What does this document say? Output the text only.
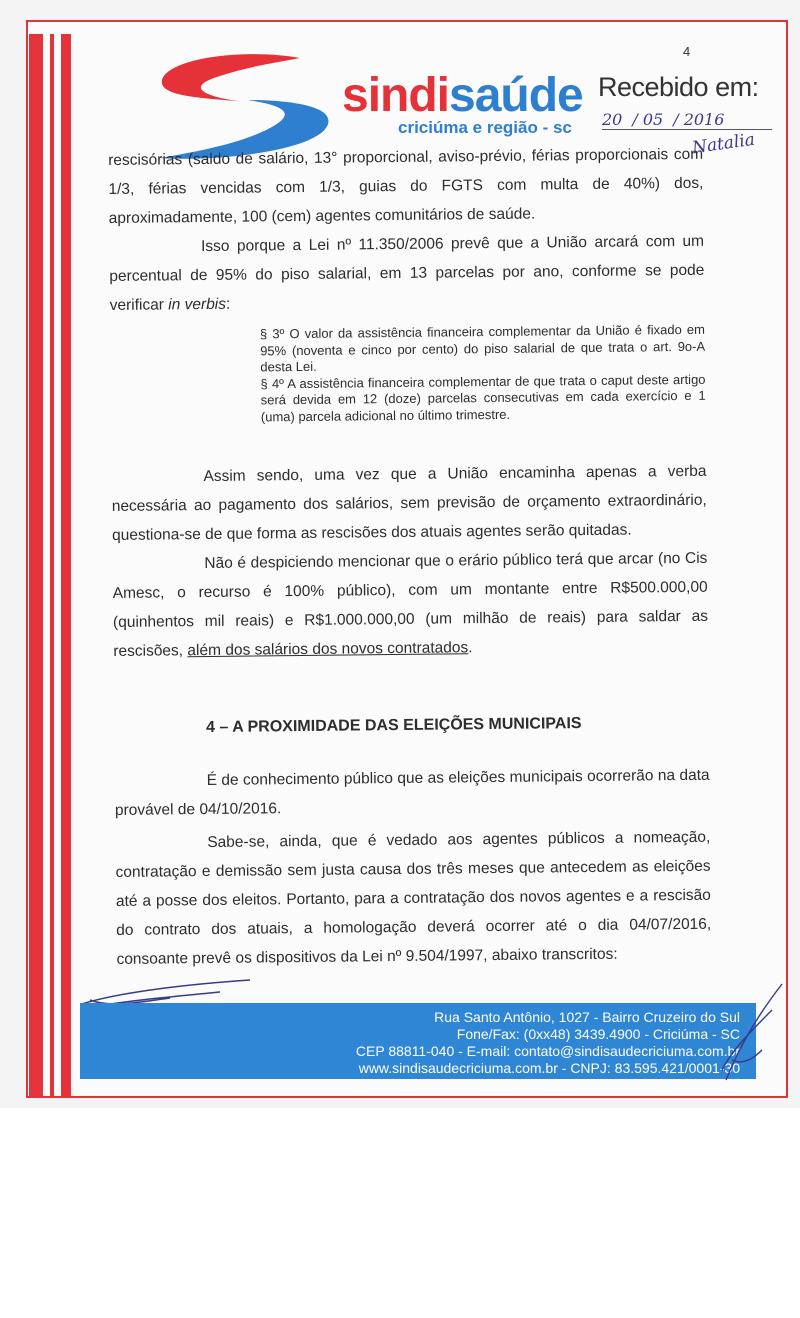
4
sindisaúde
criciúma e região - sc
Recebido em:
20 / 05 / 2016
Natalia

rescisórias (saldo de salário, 13° proporcional, aviso-prévio, férias proporcionais com 1/3, férias vencidas com 1/3, guias do FGTS com multa de 40%) dos, aproximadamente, 100 (cem) agentes comunitários de saúde.

Isso porque a Lei nº 11.350/2006 prevê que a União arcará com um percentual de 95% do piso salarial, em 13 parcelas por ano, conforme se pode verificar in verbis:

§ 3º O valor da assistência financeira complementar da União é fixado em 95% (noventa e cinco por cento) do piso salarial de que trata o art. 9o-A desta Lei.
§ 4º A assistência financeira complementar de que trata o caput deste artigo será devida em 12 (doze) parcelas consecutivas em cada exercício e 1 (uma) parcela adicional no último trimestre.

Assim sendo, uma vez que a União encaminha apenas a verba necessária ao pagamento dos salários, sem previsão de orçamento extraordinário, questiona-se de que forma as rescisões dos atuais agentes serão quitadas.

Não é despiciendo mencionar que o erário público terá que arcar (no Cis Amesc, o recurso é 100% público), com um montante entre R$500.000,00 (quinhentos mil reais) e R$1.000.000,00 (um milhão de reais) para saldar as rescisões, além dos salários dos novos contratados.

4 – A PROXIMIDADE DAS ELEIÇÕES MUNICIPAIS

É de conhecimento público que as eleições municipais ocorrerão na data provável de 04/10/2016.

Sabe-se, ainda, que é vedado aos agentes públicos a nomeação, contratação e demissão sem justa causa dos três meses que antecedem as eleições até a posse dos eleitos. Portanto, para a contratação dos novos agentes e a rescisão do contrato dos atuais, a homologação deverá ocorrer até o dia 04/07/2016, consoante prevê os dispositivos da Lei nº 9.504/1997, abaixo transcritos:

Rua Santo Antônio, 1027 - Bairro Cruzeiro do Sul
Fone/Fax: (0xx48) 3439.4900 - Criciúma - SC
CEP 88811-040 - E-mail: contato@sindisaudecriciuma.com.br
www.sindisaudecriciuma.com.br - CNPJ: 83.595.421/0001-30
